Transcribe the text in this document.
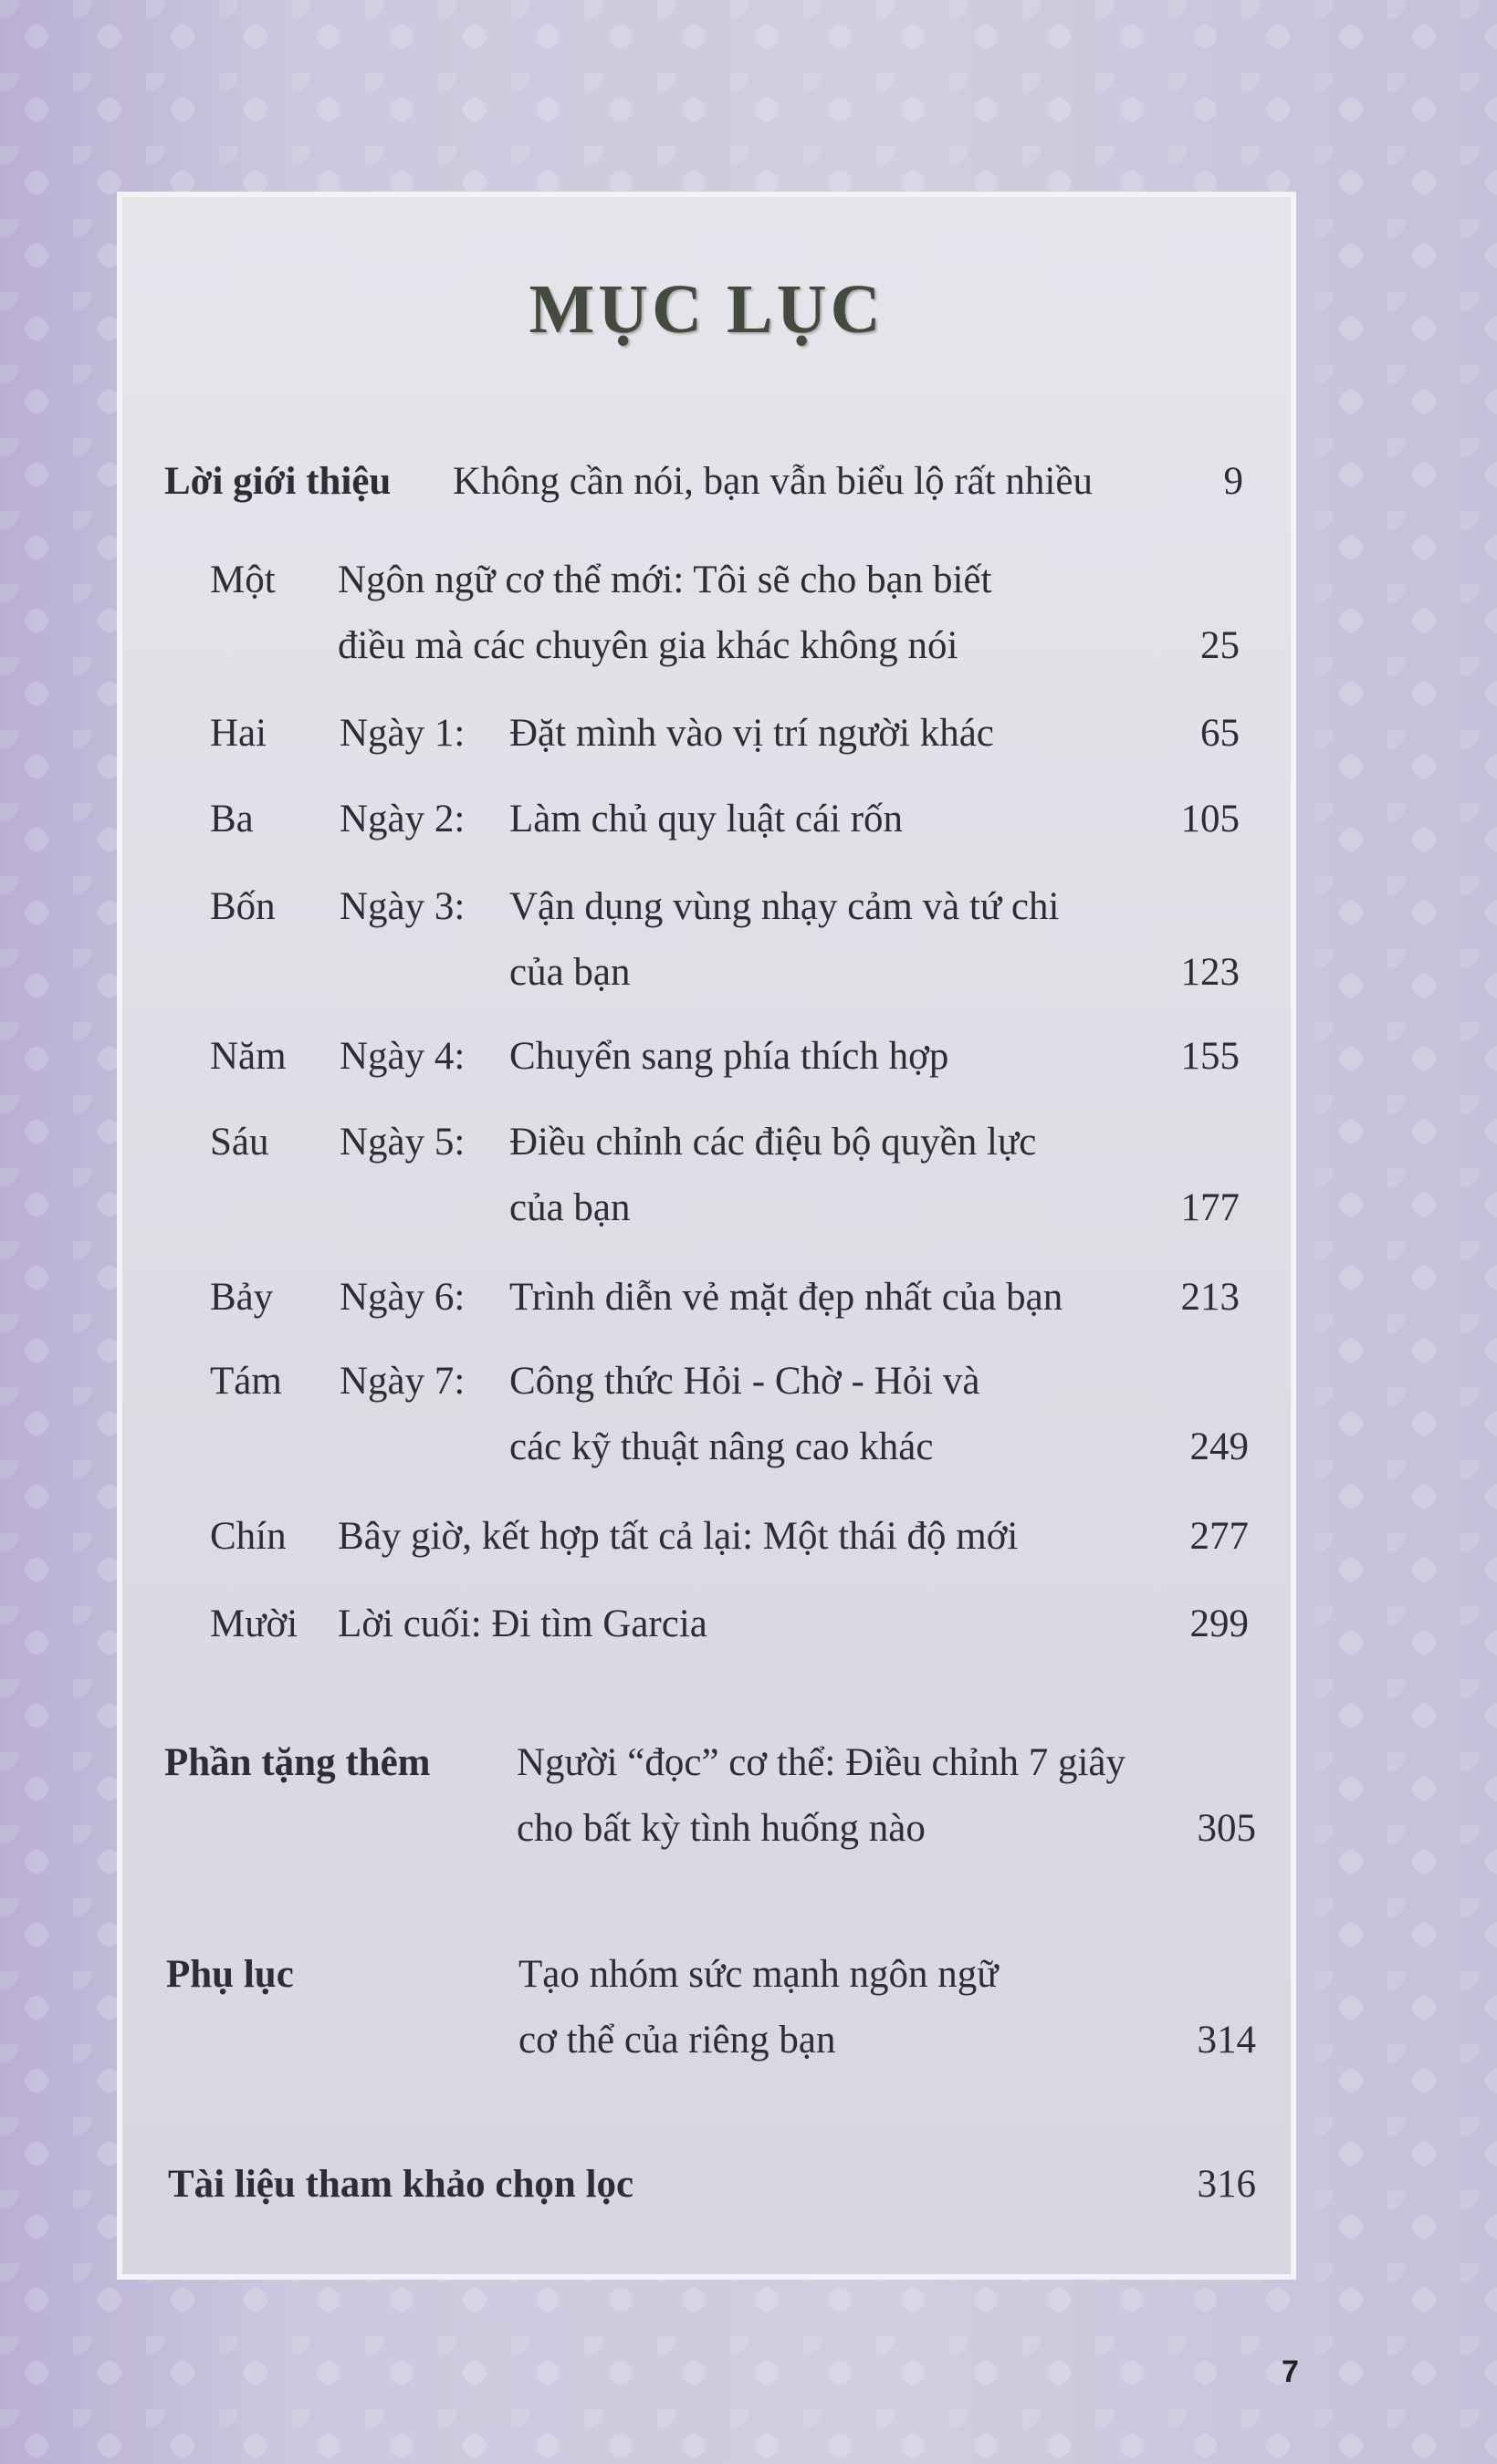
MỤC LỤC
Lời giới thiệu Không cần nói, bạn vẫn biểu lộ rất nhiều	9
Một Ngôn ngữ cơ thể mới: Tôi sẽ cho bạn biết
điều mà các chuyên gia khác không nói	25
Hai Ngày 1: Đặt mình vào vị trí người khác	65
Ba Ngày 2: Làm chủ quy luật cái rốn	105
Bốn Ngày 3: Vận dụng vùng nhạy cảm và tứ chi
của bạn	123
Năm Ngày 4: Chuyển sang phía thích hợp	155
Sáu Ngày 5: Điều chỉnh các điệu bộ quyền lực
của bạn	177
Bảy Ngày 6: Trình diễn vẻ mặt đẹp nhất của bạn	213
Tám Ngày 7: Công thức Hỏi - Chờ - Hỏi và
các kỹ thuật nâng cao khác	249
Chín Bây giờ, kết hợp tất cả lại: Một thái độ mới	277
Mười Lời cuối: Đi tìm Garcia	299
Phần tặng thêm Người “đọc” cơ thể: Điều chỉnh 7 giây
cho bất kỳ tình huống nào	305
Phụ lục	Tạo nhóm sức mạnh ngôn ngữ
cơ thể của riêng bạn	314
Tài liệu tham khảo chọn lọc	316
7
